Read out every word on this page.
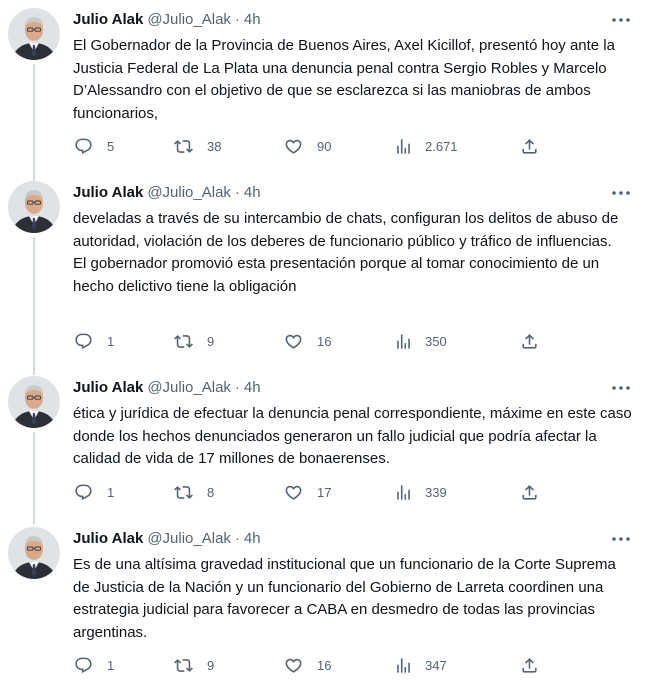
Julio Alak @Julio_Alak · 4h

El Gobernador de la Provincia de Buenos Aires, Axel Kicillof, presentó hoy ante la Justicia Federal de La Plata una denuncia penal contra Sergio Robles y Marcelo D’Alessandro con el objetivo de que se esclarezca si las maniobras de ambos funcionarios,

5	38	90	2.671
Julio Alak @Julio_Alak · 4h

develadas a través de su intercambio de chats, configuran los delitos de abuso de autoridad, violación de los deberes de funcionario público y tráfico de influencias.
El gobernador promovió esta presentación porque al tomar conocimiento de un hecho delictivo tiene la obligación

1	9	16	350
Julio Alak @Julio_Alak · 4h

ética y jurídica de efectuar la denuncia penal correspondiente, máxime en este caso donde los hechos denunciados generaron un fallo judicial que podría afectar la calidad de vida de 17 millones de bonaerenses.

1	8	17	339
Julio Alak @Julio_Alak · 4h

Es de una altísima gravedad institucional que un funcionario de la Corte Suprema de Justicia de la Nación y un funcionario del Gobierno de Larreta coordinen una estrategia judicial para favorecer a CABA en desmedro de todas las provincias argentinas.

1	9	16	347
